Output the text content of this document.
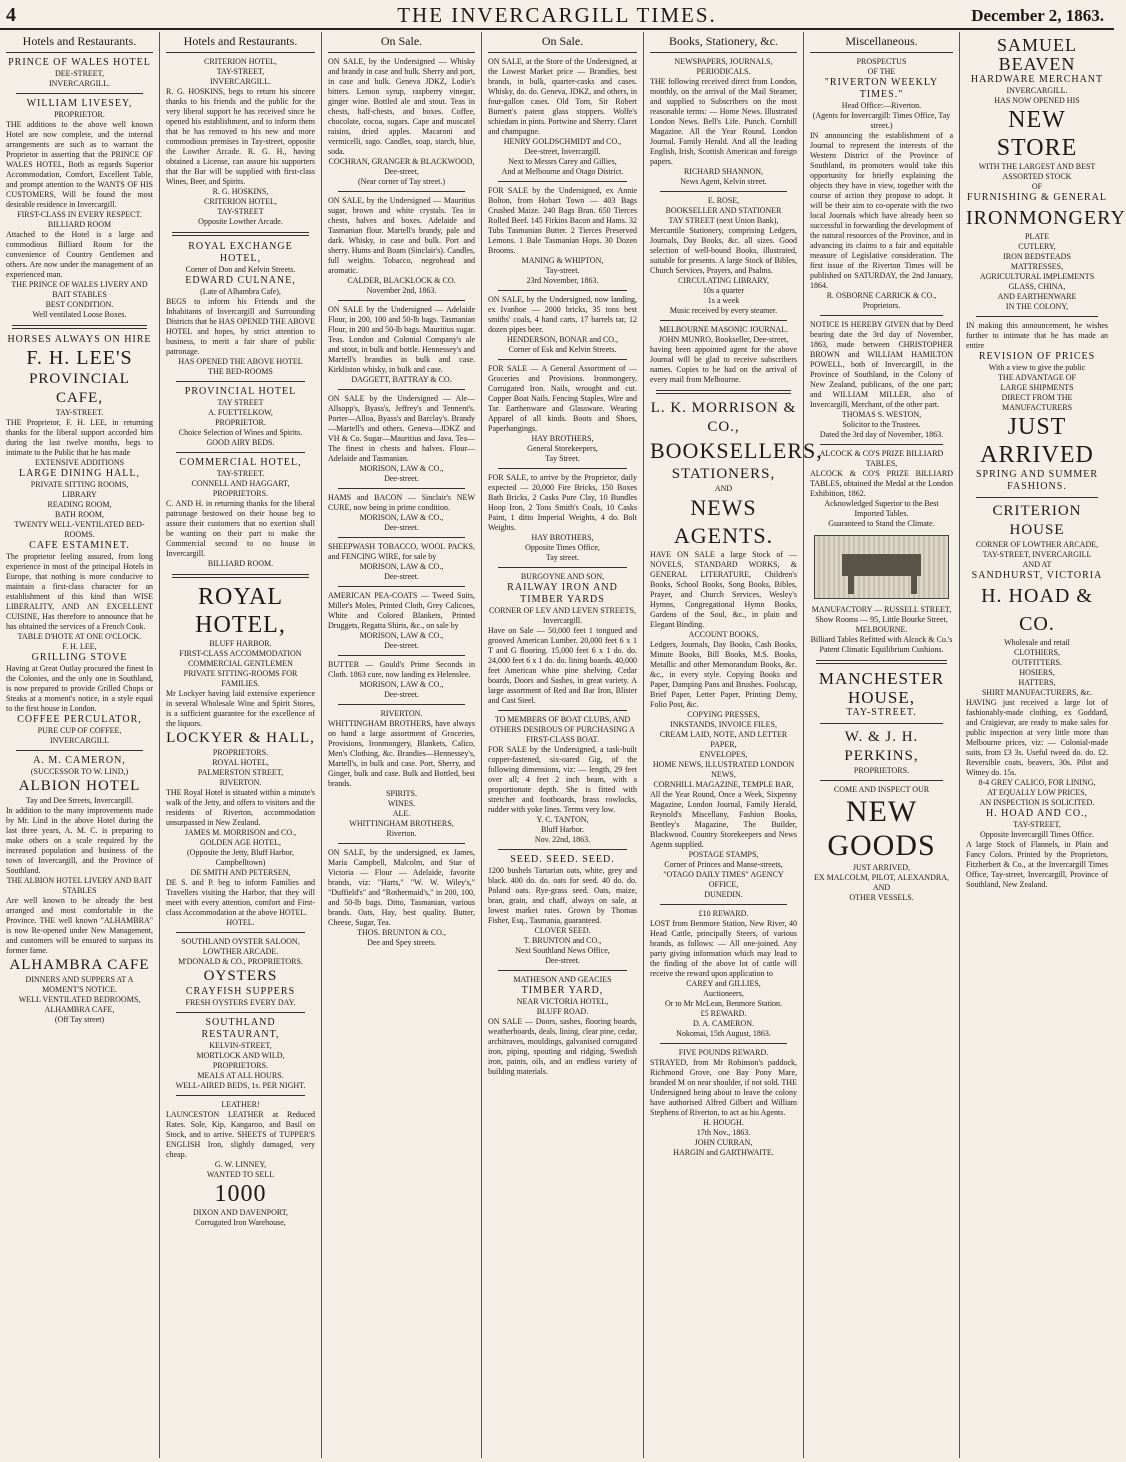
4	THE INVERCARGILL TIMES.	December 2, 1863.
Hotels and Restaurants.
PRINCE OF WALES HOTEL
DEE-STREET,
INVERCARGILL.
WILLIAM LIVESEY,
PROPRIETOR.
THE additions to the above well known Hotel are now complete, and the internal arrangements are such as to warrant the Proprietor in asserting that the PRINCE OF WALES HOTEL, Both as regards Superior Accommodation, Comfort, Excellent Table, and prompt attention to the WANTS OF HIS CUSTOMERS, Will be found the most desirable residence in Invercargill.
FIRST-CLASS IN EVERY RESPECT.
BILLIARD ROOM
Attached to the Hotel is a large and commodious Billiard Room for the convenience of Country Gentlemen and others. Are now under the management of an experienced man.
THE PRINCE OF WALES LIVERY AND BAIT STABLES
BEST CONDITION.
Well ventilated Loose Boxes.
HORSES ALWAYS ON HIRE
F. H. LEE'S
PROVINCIAL CAFE,
TAY-STREET.
THE Proprietor, F. H. LEE, in returning thanks for the liberal support accorded him during the last twelve months, begs to intimate to the Public that he has made
EXTENSIVE ADDITIONS
LARGE DINING HALL,
PRIVATE SITTING ROOMS,
LIBRARY
READING ROOM,
BATH ROOM,
TWENTY WELL-VENTILATED BED-ROOMS.
CAFE ESTAMINET.
The proprietor feeling assured, from long experience in most of the principal Hotels in Europe, that nothing is more conducive to maintain a first-class character for an establishment of this kind than WISE LIBERALITY, AND AN EXCELLENT CUISINE, Has therefore to announce that he has obtained the services of a French Cook.
TABLE D'HOTE AT ONE O'CLOCK.
F. H. LEE,
GRILLING STOVE
Having at Great Outlay procured the finest In the Colonies, and the only one in Southland, is now prepared to provide Grilled Chops or Steaks at a moment's notice, in a style equal to the first house in London.
COFFEE PERCULATOR,
PURE CUP OF COFFEE,
INVERCARGILL
A. M. CAMERON,
(SUCCESSOR TO W. LIND,)
ALBION HOTEL
Tay and Dee Streets, Invercargill.
In addition to the many improvements made by Mr. Lind in the above Hotel during the last three years, A. M. C. is preparing to make others on a scale required by the increased population and business of the town of Invercargill, and the Province of Southland.
THE ALBION HOTEL LIVERY AND BAIT STABLES
Are well known to be already the best arranged and most comfortable in the Province. THE well known "ALHAMBRA" is now Re-opened under New Management, and customers will be ensured to surpass its former fame.
ALHAMBRA CAFE
DINNERS AND SUPPERS AT A MOMENT'S NOTICE.
WELL VENTILATED BEDROOMS,
ALHAMBRA CAFE,
(Off Tay street)
Hotels and Restaurants.
CRITERION HOTEL,
TAY-STREET,
INVERCARGILL.
R. G. HOSKINS, begs to return his sincere thanks to his friends and the public for the very liberal support he has received since he opened his establishment, and to inform them that he has removed to his new and more commodious premises in Tay-street, opposite the Lowther Arcade. R. G. H., having obtained a License, can assure his supporters that the Bar will be supplied with first-class Wines, Beer, and Spirits.
R. G. HOSKINS,
CRITERION HOTEL,
TAY-STREET
Opposite Lowther Arcade.
ROYAL EXCHANGE HOTEL,
Corner of Don and Kelvin Streets.
EDWARD CULNANE,
(Late of Alhambra Cafe),
BEGS to inform his Friends and the Inhabitants of Invercargill and Surrounding Districts that he HAS OPENED THE ABOVE HOTEL and hopes, by strict attention to business, to merit a fair share of public patronage.
HAS OPENED THE ABOVE HOTEL
THE BED-ROOMS
PROVINCIAL HOTEL
TAY STREET
A. FUETTELKOW,
PROPRIETOR.
Choice Selection of Wines and Spirits.
GOOD AIRY BEDS.
COMMERCIAL HOTEL,
TAY-STREET.
CONNELL AND HAGGART,
PROPRIETORS.
C. AND H. in returning thanks for the liberal patronage bestowed on their house beg to assure their customers that no exertion shall be wanting on their part to make the Commercial second to no house in Invercargill.
BILLIARD ROOM.
ROYAL HOTEL,
BLUFF HARBOR.
FIRST-CLASS ACCOMMODATION
COMMERCIAL GENTLEMEN
PRIVATE SITTING-ROOMS FOR FAMILIES.
Mr Lockyer having laid extensive experience in several Wholesale Wine and Spirit Stores, is a sufficient guarantee for the excellence of the liquors.
LOCKYER & HALL,
PROPRIETORS.
ROYAL HOTEL,
PALMERSTON STREET,
RIVERTON.
THE Royal Hotel is situated within a minute's walk of the Jetty, and offers to visitors and the residents of Riverton, accommodation unsurpassed in New Zealand.
JAMES M. MORRISON and CO.,
GOLDEN AGE HOTEL,
(Opposite the Jetty, Bluff Harbor, Campbelltown)
DE SMITH AND PETERSEN,
DE S. and P. beg to inform Families and Travellers visiting the Harbor, that they will meet with every attention, comfort and First-class Accommodation at the above HOTEL.
HOTEL.
SOUTHLAND OYSTER SALOON,
LOWTHER ARCADE.
M'DONALD & CO., PROPRIETORS.
OYSTERS
CRAYFISH SUPPERS
FRESH OYSTERS EVERY DAY.
SOUTHLAND RESTAURANT,
KELVIN-STREET,
MORTLOCK AND WILD,
PROPRIETORS.
MEALS AT ALL HOURS.
WELL-AIRED BEDS, 1s. PER NIGHT.
LEATHER!
LAUNCESTON LEATHER at Reduced Rates. Sole, Kip, Kangaroo, and Basil on Stock, and to arrive. SHEETS of TUPPER'S ENGLISH Iron, slightly damaged, very cheap.
G. W. LINNEY,
WANTED TO SELL
1000
DIXON AND DAVENPORT,
Corrugated Iron Warehouse,
On Sale.
ON SALE, by the Undersigned — Whisky and brandy in case and bulk. Sherry and port, in case and bulk. Geneva JDKZ, Lodie's bitters. Lemon syrup, raspberry vinegar, ginger wine. Bottled ale and stout. Teas in chests, half-chests, and boxes. Coffee, chocolate, cocoa, sugars. Cape and muscatel raisins, dried apples. Macaroni and vermicelli, sago. Candles, soap, starch, blue, soda.
COCHRAN, GRANGER & BLACKWOOD,
Dee-street,
(Near corner of Tay street.)
ON SALE, by the Undersigned — Mauritius sugar, brown and white crystals. Tea in chests, halves and boxes. Adelaide and Tasmanian flour. Martell's brandy, pale and dark. Whisky, in case and bulk. Port and sherry. Hums and Boam (Sinclair's). Candles, full weights. Tobacco, negrohead and aromatic.
CALDER, BLACKLOCK & CO.
November 2nd, 1863.
ON SALE by the Undersigned — Adelaide Flour, in 200, 100 and 50-lb bags. Tasmanian Flour, in 200 and 50-lb bags. Mauritius sugar. Teas. London and Colonial Company's ale and stout, in bulk and bottle. Hennessey's and Martell's brandies in bulk and case. Kirkliston whisky, in bulk and case.
DAGGETT, BATTRAY & CO.
ON SALE by the Undersigned — Ale—Allsopp's, Byass's, Jeffrey's and Tennent's. Porter—Alloa, Byass's and Barclay's. Brandy—Martell's and others. Geneva—JDKZ and VH & Co. Sugar—Mauritius and Java. Tea—The finest in chests and halves. Flour—Adelaide and Tasmanian.
MORISON, LAW & CO.,
Dee-street.
HAMS and BACON — Sinclair's NEW CURE, now being in prime condition.
MORISON, LAW & CO.,
Dee-street.
SHEEPWASH TOBACCO, WOOL PACKS, and FENCING WIRE, for sale by
MORISON, LAW & CO.,
Dee-street.
AMERICAN PEA-COATS — Tweed Suits, Miller's Moles, Printed Cloth, Grey Calicoes, White and Colored Blankets, Printed Druggets, Regatta Shirts, &c., on sale by
MORISON, LAW & CO.,
Dee-street.
BUTTER — Gould's Prime Seconds in Cloth. 1863 cure, now landing ex Helenslee.
MORISON, LAW & CO.,
Dee-street.
RIVERTON.
WHITTINGHAM BROTHERS, have always on hand a large assortment of Groceries, Provisions, Ironmongery, Blankets, Calico, Men's Clothing, &c. Brandies—Hennessey's, Martell's, in bulk and case. Port, Sherry, and Ginger, bulk and case. Bulk and Bottled, best brands.
SPIRITS.
WINES.
ALE.
WHITTINGHAM BROTHERS,
Riverton.
ON SALE, by the undersigned, ex James, Maria Campbell, Malcolm, and Star of Victoria — Flour — Adelaide, favorite brands, viz: "Harts," "W. W. Wiley's," "Duffield's" and "Rothermaid's," in 200, 100, and 50-lb bags. Ditto, Tasmanian, various brands. Oats, Hay, best quality. Butter, Cheese, Sugar, Tea.
THOS. BRUNTON & CO.,
Dee and Spey streets.
On Sale.
ON SALE, at the Store of the Undersigned, at the Lowest Market price — Brandies, best brands, in bulk, quarter-casks and cases. Whisky, do. do. Geneva, JDKZ, and others, in four-gallon cases. Old Tom, Sir Robert Burnett's patent glass stoppers. Wolfe's schiedam in pints. Portwine and Sherry. Claret and champagne.
HENRY GOLDSCHMIDT and CO.,
Dee-street, Invercargill.
Next to Messrs Carey and Gillies,
And at Melbourne and Otago District.
FOR SALE by the Undersigned, ex Annie Bolton, from Hobart Town — 403 Bags Crushed Maize. 240 Bags Bran. 650 Tierces Rolled Beef. 145 Firkins Bacon and Hams. 32 Tubs Tasmanian Butter. 2 Tierces Preserved Lemons. 1 Bale Tasmanian Hops. 30 Dozen Brooms.
MANING & WHIPTON,
Tay-street.
23rd November, 1863.
ON SALE, by the Undersigned, now landing, ex Ivanhoe — 2000 bricks, 35 tons best smiths' coals, 4 hand carts, 17 barrels tar, 12 dozen pipes beer.
HENDERSON, BONAR and CO.,
Corner of Esk and Kelvin Streets.
FOR SALE — A General Assortment of — Groceries and Provisions. Ironmongery, Corrugated Iron. Nails, wrought and cut. Copper Boat Nails. Fencing Staples, Wire and Tar. Earthenware and Glassware. Wearing Apparel of all kinds. Boots and Shoes, Paperhangings.
HAY BROTHERS,
General Storekeepers,
Tay Street.
FOR SALE, to arrive by the Proprietor, daily expected — 20,000 Fire Bricks, 150 Boxes Bath Bricks, 2 Casks Pure Clay, 10 Bundles Hoop Iron, 2 Tons Smith's Coals, 10 Casks Paint, 1 ditto Imperial Weights, 4 do. Bolt Weights.
HAY BROTHERS,
Opposite Times Office,
Tay street.
BURGOYNE AND SON,
RAILWAY IRON AND TIMBER YARDS
CORNER OF LEV AND LEVEN STREETS,
Invercargill.
Have on Sale — 50,000 feet 1 tongued and grooved American Lumber. 20,000 feet 6 x 1 T and G flooring. 15,000 feet 6 x 1 do. do. 24,000 feet 6 x 1 do. do. lining boards. 40,000 feet American white pine shelving. Cedar boards, Doors and Sashes, in great variety. A large assortment of Red and Bar Iron, Blister and Cast Steel.
TO MEMBERS OF BOAT CLUBS, AND OTHERS DESIROUS OF PURCHASING A FIRST-CLASS BOAT.
FOR SALE by the Undersigned, a task-built copper-fastened, six-oared Gig, of the following dimensions, viz: — length, 29 feet over all; 4 feet 2 inch beam, with a proportionate depth. She is fitted with stretcher and footboards, brass rowlocks, rudder with yoke lines. Terms very low.
Y. C. TANTON,
Bluff Harbor.
Nov. 22nd, 1863.
SEED. SEED. SEED.
1200 bushels Tartarian oats, white, grey and black. 400 do. do. oats for seed. 40 do. do. Poland oats. Rye-grass seed. Oats, maize, bran, grain, and chaff, always on sale, at lowest market rates. Grown by Thomas Fisher, Esq., Tasmania, guaranteed.
CLOVER SEED.
T. BRUNTON and CO.,
Next Southland News Office,
Dee-street.
MATHESON AND GEACIES
TIMBER YARD,
NEAR VICTORIA HOTEL,
BLUFF ROAD.
ON SALE — Doors, sashes, flooring boards, weatherboards, deals, lining, clear pine, cedar, architraves, mouldings, galvanised corrugated iron, piping, spouting and ridging, Swedish iron, paints, oils, and an endless variety of building materials.
Books, Stationery, &c.
NEWSPAPERS, JOURNALS, PERIODICALS.
THE following received direct from London, monthly, on the arrival of the Mail Steamer, and supplied to Subscribers on the most reasonable terms: — Home News. Illustrated London News. Bell's Life. Punch. Cornhill Magazine. All the Year Round. London Journal. Family Herald. And all the leading English, Irish, Scottish American and foreign papers.
RICHARD SHANNON,
News Agent, Kelvin street.
E. ROSE,
BOOKSELLER AND STATIONER
TAY STREET (next Union Bank),
Mercantile Stationery, comprising Ledgers, Journals, Day Books, &c. all sizes. Good selection of well-bound Books, illustrated, suitable for presents. A large Stock of Bibles, Church Services, Prayers, and Psalms.
CIRCULATING LIBRARY,
10s a quarter
1s a week
Music received by every steamer.
MELBOURNE MASONIC JOURNAL.
JOHN MUNRO, Bookseller, Dee-street,
having been appointed agent for the above Journal will be glad to receive subscribers names. Copies to be had on the arrival of every mail from Melbourne.
L. K. MORRISON & CO.,
BOOKSELLERS,
STATIONERS,
AND
NEWS AGENTS.
HAVE ON SALE a large Stock of — NOVELS, STANDARD WORKS, & GENERAL LITERATURE, Children's Books, School Books, Song Books, Bibles, Prayer, and Church Services, Wesley's Hymns, Congregational Hymn Books, Gardens of the Soul, &c., in plain and Elegant Binding.
ACCOUNT BOOKS,
Ledgers, Journals, Day Books, Cash Books, Minute Books, Bill Books, M.S. Books, Metallic and other Memorandum Books, &c. &c., in every style. Copying Books and Paper, Damping Pans and Brushes. Foolscap, Brief Paper, Letter Paper, Printing Demy, Folio Post, &c.
COPYING PRESSES,
INKSTANDS, INVOICE FILES,
CREAM LAID, NOTE, AND LETTER PAPER,
ENVELOPES,
HOME NEWS, ILLUSTRATED LONDON NEWS,
CORNHILL MAGAZINE, TEMPLE BAR,
All the Year Round, Once a Week, Sixpenny Magazine, London Journal, Family Herald, Reynold's Miscellany, Fashion Books, Bentley's Magazine, The Builder, Blackwood. Country Storekeepers and News Agents supplied.
POSTAGE STAMPS,
Corner of Princes and Manse-streets,
"OTAGO DAILY TIMES" AGENCY OFFICE,
DUNEDIN.
£10 REWARD.
LOST from Benmore Station, New River, 40 Head Cattle, principally Steers, of various brands, as follows: — All one-joined. Any party giving information which may lead to the finding of the above lot of cattle will receive the reward upon application to
CAREY and GILLIES,
Auctioneers,
Or to Mr McLean, Benmore Station.
£5 REWARD.
D. A. CAMERON.
Nokomai, 15th August, 1863.
FIVE POUNDS REWARD.
STRAYED, from Mr Robinson's paddock, Richmond Grove, one Bay Pony Mare, branded M on near shoulder, if not sold. THE Undersigned being about to leave the colony have authorised Alfred Gilbert and William Stephens of Riverton, to act as his Agents.
H. HOUGH.
17th Nov., 1863.
JOHN CURRAN,
HARGIN and GARTHWAITE.
Miscellaneous.
PROSPECTUS
OF THE
"RIVERTON WEEKLY TIMES."
Head Office:—Riverton.
(Agents for Invercargill: Times Office, Tay street.)
IN announcing the establishment of a Journal to represent the interests of the Western District of the Province of Southland, its promoters would take this opportunity for briefly explaining the objects they have in view, together with the course of action they propose to adopt. It will be their aim to co-operate with the two local Journals which have already been so successful in forwarding the development of the natural resources of the Province, and in advancing its claims to a fair and equitable measure of Legislative consideration. The first issue of the Riverton Times will be published on SATURDAY, the 2nd January, 1864.
R. OSBORNE CARRICK & CO.,
Proprietors.
NOTICE IS HEREBY GIVEN that by Deed bearing date the 3rd day of November, 1863, made between CHRISTOPHER BROWN and WILLIAM HAMILTON POWELL, both of Invercargill, in the Province of Southland, in the Colony of New Zealand, publicans, of the one part; and WILLIAM MILLER, also of Invercargill, Merchant, of the other part.
THOMAS S. WESTON,
Solicitor to the Trustees.
Dated the 3rd day of November, 1863.
ALCOCK & CO'S PRIZE BILLIARD TABLES,
ALCOCK & CO'S PRIZE BILLIARD TABLES, obtained the Medal at the London Exhibition, 1862.
Acknowledged Superior to the Best Imported Tables.
Guaranteed to Stand the Climate.
MANUFACTORY — RUSSELL STREET,
Show Rooms — 95, Little Bourke Street,
MELBOURNE.
Billiard Tables Refitted with Alcock & Co.'s Patent Climatic Equilibrium Cushions.
MANCHESTER HOUSE,
TAY-STREET.
W. & J. H. PERKINS,
PROPRIETORS.
COME AND INSPECT OUR
NEW GOODS
JUST ARRIVED,
EX MALCOLM, PILOT, ALEXANDRA,
AND
OTHER VESSELS.
SAMUEL BEAVEN
HARDWARE MERCHANT
INVERCARGILL.
HAS NOW OPENED HIS
NEW STORE
WITH THE LARGEST AND BEST
ASSORTED STOCK
OF
FURNISHING & GENERAL
IRONMONGERY
PLATE
CUTLERY,
IRON BEDSTEADS
MATTRESSES,
AGRICULTURAL IMPLEMENTS
GLASS, CHINA,
AND EARTHENWARE
IN THE COLONY,
IN making this announcement, he wishes further to intimate that he has made an entire
REVISION OF PRICES
With a view to give the public
THE ADVANTAGE OF
LARGE SHIPMENTS
DIRECT FROM THE MANUFACTURERS
JUST ARRIVED
SPRING AND SUMMER
FASHIONS.
CRITERION HOUSE
CORNER OF LOWTHER ARCADE,
TAY-STREET, INVERCARGILL
AND AT
SANDHURST, VICTORIA
H. HOAD & CO.
Wholesale and retail
CLOTHIERS,
OUTFITTERS.
HOSIERS,
HATTERS,
SHIRT MANUFACTURERS, &c.
HAVING just received a large lot of fashionably-made clothing, ex Goddard, and Craigievar, are ready to make sales for public inspection at very little more than Melbourne prices, viz: — Colonial-made suits, from £3 3s. Useful tweed do. do. £2. Reversible coats, beavers, 30s. Pilot and Witney do. 15s.
8-4 GREY CALICO, FOR LINING,
AT EQUALLY LOW PRICES,
AN INSPECTION IS SOLICITED.
H. HOAD AND CO.,
TAY-STREET,
Opposite Invercargill Times Office.
A large Stock of Flannels, in Plain and Fancy Colors. Printed by the Proprietors, Fitzherbert & Co., at the Invercargill Times Office, Tay-street, Invercargill, Province of Southland, New Zealand.
